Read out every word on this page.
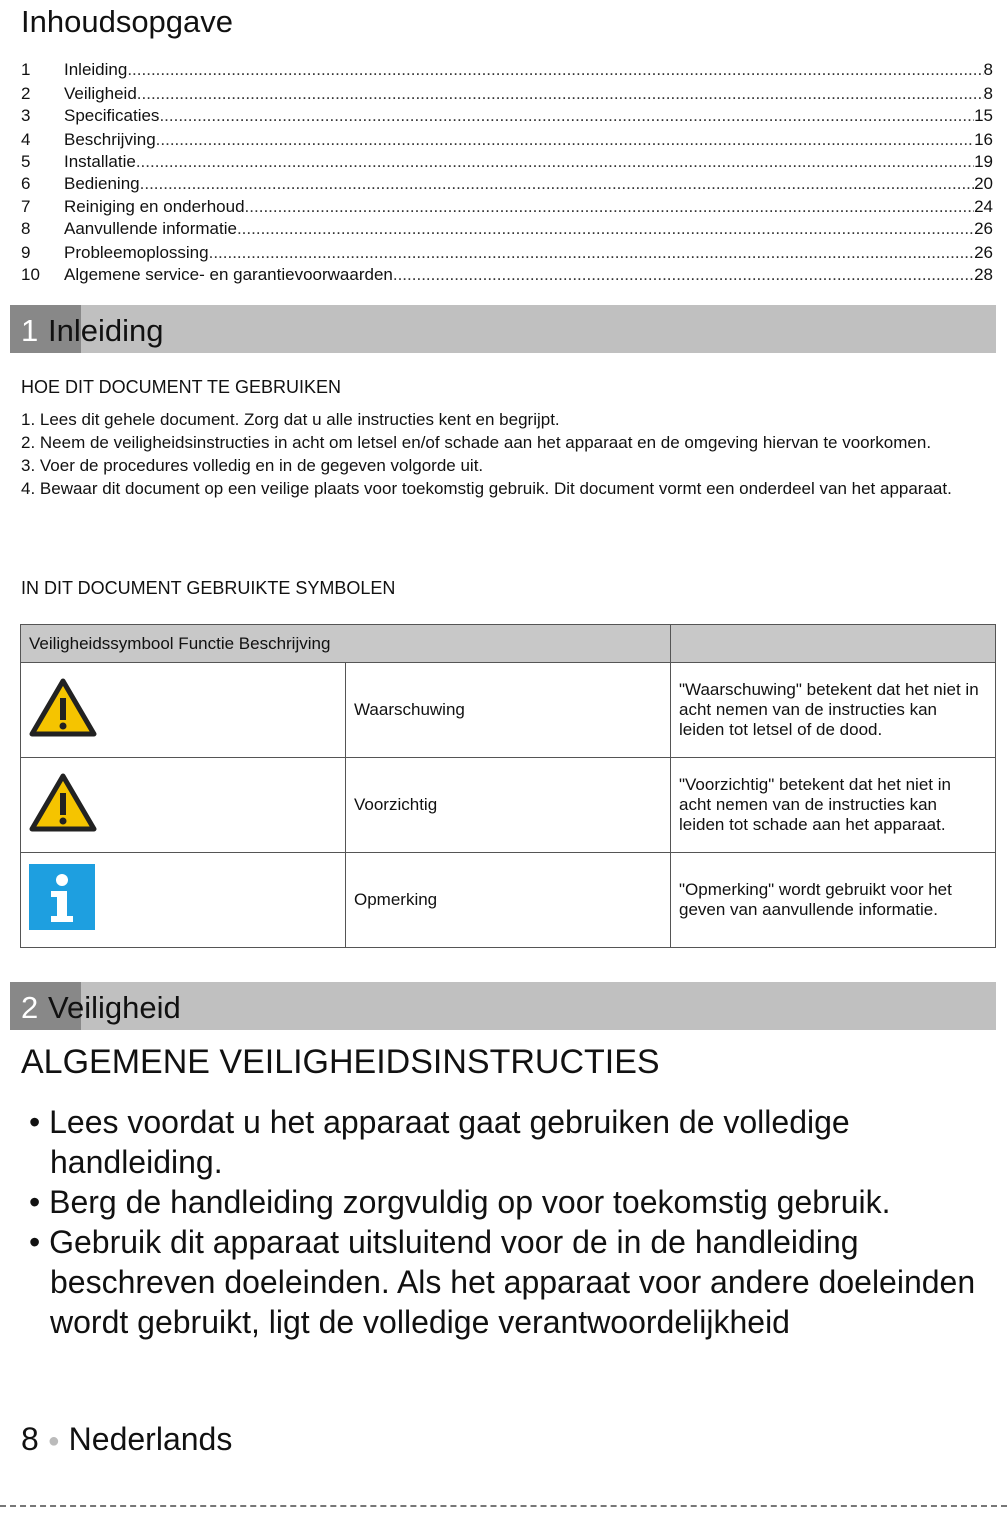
Inhoudsopgave
1	Inleiding .....	8
2	Veiligheid .....	8
3	Specificaties .....	15
4	Beschrijving .....	16
5	Installatie .....	19
6	Bediening .....	20
7	Reiniging en onderhoud .....	24
8	Aanvullende informatie .....	26
9	Probleemoplossing .....	26
10	Algemene service- en garantievoorwaarden .....	28
1 Inleiding
HOE DIT DOCUMENT TE GEBRUIKEN
1. Lees dit gehele document. Zorg dat u alle instructies kent en begrijpt.
2. Neem de veiligheidsinstructies in acht om letsel en/of schade aan het apparaat en de omgeving hiervan te voorkomen.
3. Voer de procedures volledig en in de gegeven volgorde uit.
4. Bewaar dit document op een veilige plaats voor toekomstig gebruik. Dit document vormt een onderdeel van het apparaat.
IN DIT DOCUMENT GEBRUIKTE SYMBOLEN
Veiligheidssymbool Functie Beschrijving		
	Waarschuwing	"Waarschuwing" betekent dat het niet in acht nemen van de instructies kan leiden tot letsel of de dood.
	Voorzichtig	"Voorzichtig" betekent dat het niet in acht nemen van de instructies kan leiden tot schade aan het apparaat.
	Opmerking	"Opmerking" wordt gebruikt voor het geven van aanvullende informatie.
2 Veiligheid
ALGEMENE VEILIGHEIDSINSTRUCTIES
• Lees voordat u het apparaat gaat gebruiken de volledige handleiding.
• Berg de handleiding zorgvuldig op voor toekomstig gebruik.
• Gebruik dit apparaat uitsluitend voor de in de handleiding beschreven doeleinden. Als het apparaat voor andere doeleinden wordt gebruikt, ligt de volledige verantwoordelijkheid
8 ● Nederlands
